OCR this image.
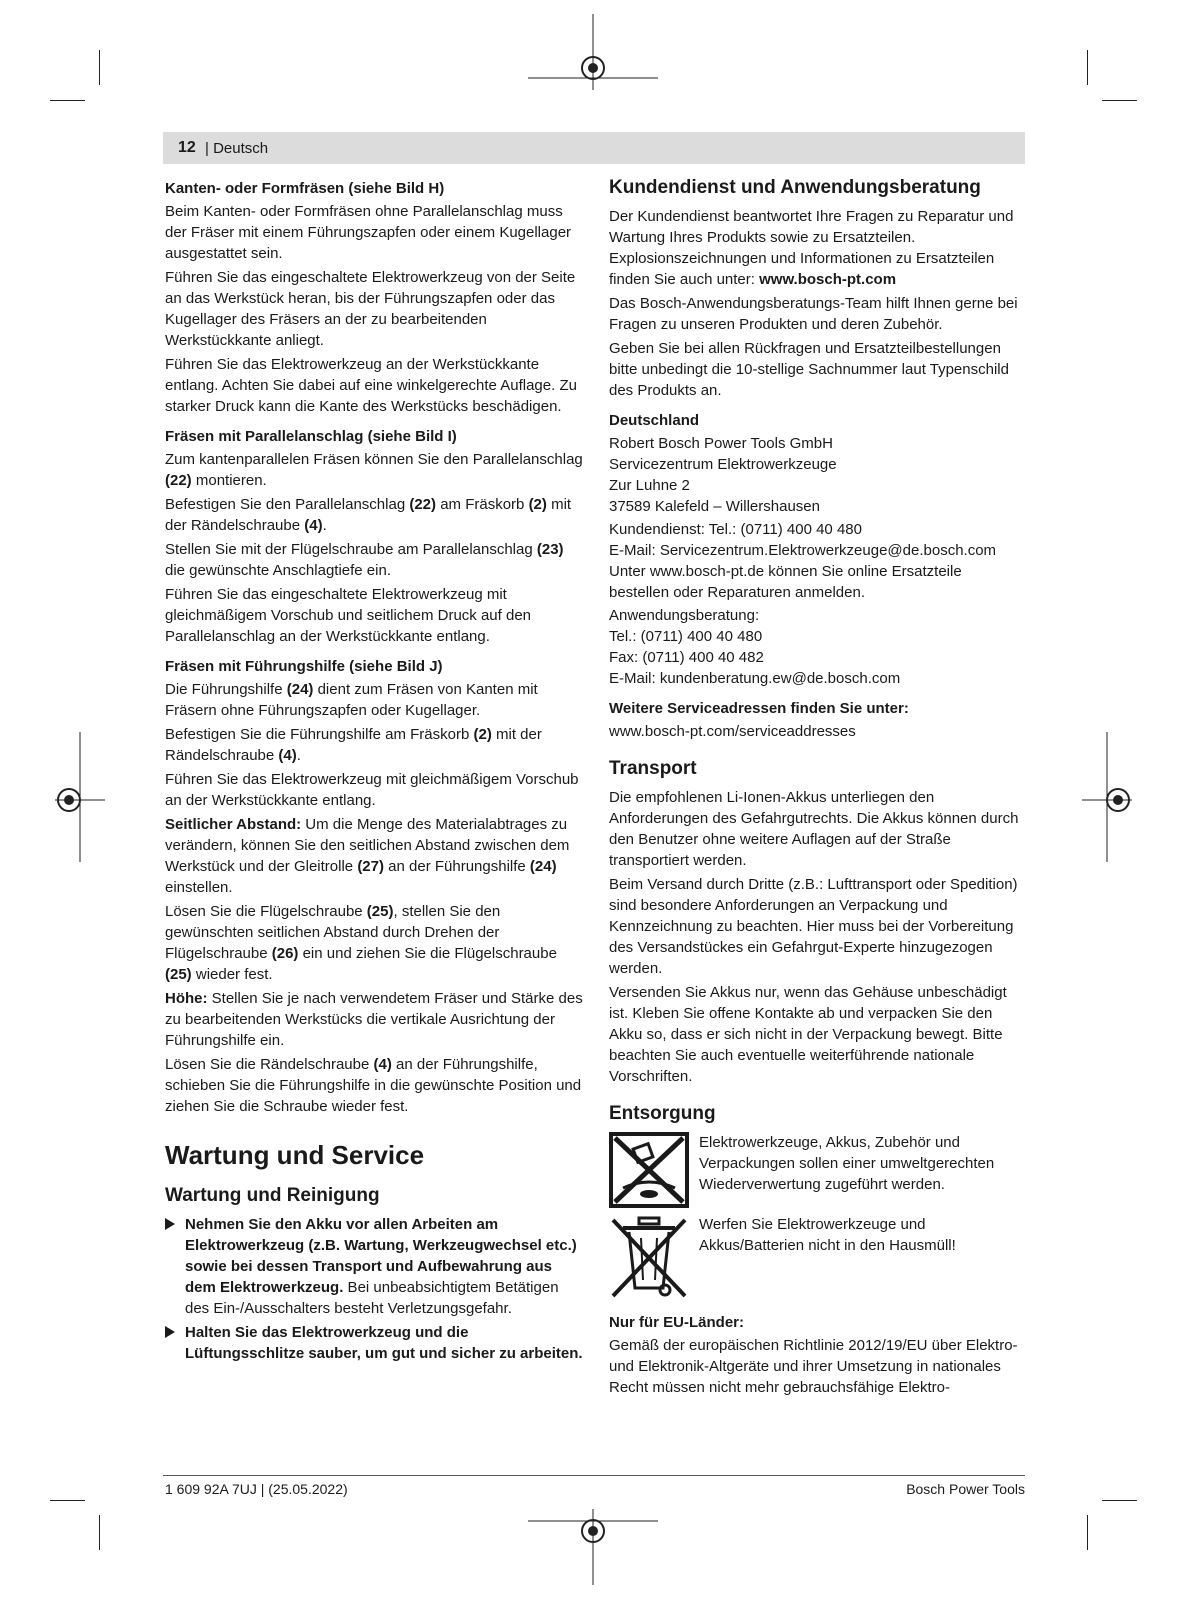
12 | Deutsch
Kanten- oder Formfräsen (siehe Bild H)

Beim Kanten- oder Formfräsen ohne Parallelanschlag muss der Fräser mit einem Führungszapfen oder einem Kugellager ausgestattet sein.

Führen Sie das eingeschaltete Elektrowerkzeug von der Seite an das Werkstück heran, bis der Führungszapfen oder das Kugellager des Fräsers an der zu bearbeitenden Werkstückkante anliegt.

Führen Sie das Elektrowerkzeug an der Werkstückkante entlang. Achten Sie dabei auf eine winkelgerechte Auflage. Zu starker Druck kann die Kante des Werkstücks beschädigen.

Fräsen mit Parallelanschlag (siehe Bild I)

Zum kantenparallelen Fräsen können Sie den Parallelanschlag (22) montieren.

Befestigen Sie den Parallelanschlag (22) am Fräskorb (2) mit der Rändelschraube (4).

Stellen Sie mit der Flügelschraube am Parallelanschlag (23) die gewünschte Anschlagtiefe ein.

Führen Sie das eingeschaltete Elektrowerkzeug mit gleichmäßigem Vorschub und seitlichem Druck auf den Parallelanschlag an der Werkstückkante entlang.

Fräsen mit Führungshilfe (siehe Bild J)

Die Führungshilfe (24) dient zum Fräsen von Kanten mit Fräsern ohne Führungszapfen oder Kugellager.

Befestigen Sie die Führungshilfe am Fräskorb (2) mit der Rändelschraube (4).

Führen Sie das Elektrowerkzeug mit gleichmäßigem Vorschub an der Werkstückkante entlang.

Seitlicher Abstand: Um die Menge des Materialabtrages zu verändern, können Sie den seitlichen Abstand zwischen dem Werkstück und der Gleitrolle (27) an der Führungshilfe (24) einstellen.

Lösen Sie die Flügelschraube (25), stellen Sie den gewünschten seitlichen Abstand durch Drehen der Flügelschraube (26) ein und ziehen Sie die Flügelschraube (25) wieder fest.

Höhe: Stellen Sie je nach verwendetem Fräser und Stärke des zu bearbeitenden Werkstücks die vertikale Ausrichtung der Führungshilfe ein.

Lösen Sie die Rändelschraube (4) an der Führungshilfe, schieben Sie die Führungshilfe in die gewünschte Position und ziehen Sie die Schraube wieder fest.

Wartung und Service
Wartung und Reinigung
Nehmen Sie den Akku vor allen Arbeiten am Elektrowerkzeug (z.B. Wartung, Werkzeugwechsel etc.) sowie bei dessen Transport und Aufbewahrung aus dem Elektrowerkzeug. Bei unbeabsichtigtem Betätigen des Ein-/Ausschalters besteht Verletzungsgefahr.
Halten Sie das Elektrowerkzeug und die Lüftungsschlitze sauber, um gut und sicher zu arbeiten.
Kundendienst und Anwendungsberatung

Der Kundendienst beantwortet Ihre Fragen zu Reparatur und Wartung Ihres Produkts sowie zu Ersatzteilen. Explosionszeichnungen und Informationen zu Ersatzteilen finden Sie auch unter: www.bosch-pt.com

Das Bosch-Anwendungsberatungs-Team hilft Ihnen gerne bei Fragen zu unseren Produkten und deren Zubehör.

Geben Sie bei allen Rückfragen und Ersatzteilbestellungen bitte unbedingt die 10-stellige Sachnummer laut Typenschild des Produkts an.

Deutschland
Robert Bosch Power Tools GmbH
Servicezentrum Elektrowerkzeuge
Zur Luhne 2
37589 Kalefeld – Willershausen
Kundendienst: Tel.: (0711) 400 40 480
E-Mail: Servicezentrum.Elektrowerkzeuge@de.bosch.com
Unter www.bosch-pt.de können Sie online Ersatzteile bestellen oder Reparaturen anmelden.
Anwendungsberatung:
Tel.: (0711) 400 40 480
Fax: (0711) 400 40 482
E-Mail: kundenberatung.ew@de.bosch.com
Weitere Serviceadressen finden Sie unter:
www.bosch-pt.com/serviceaddresses
Transport

Die empfohlenen Li-Ionen-Akkus unterliegen den Anforderungen des Gefahrgutrechts. Die Akkus können durch den Benutzer ohne weitere Auflagen auf der Straße transportiert werden.

Beim Versand durch Dritte (z.B.: Lufttransport oder Spedition) sind besondere Anforderungen an Verpackung und Kennzeichnung zu beachten. Hier muss bei der Vorbereitung des Versandstückes ein Gefahrgut-Experte hinzugezogen werden.

Versenden Sie Akkus nur, wenn das Gehäuse unbeschädigt ist. Kleben Sie offene Kontakte ab und verpacken Sie den Akku so, dass er sich nicht in der Verpackung bewegt. Bitte beachten Sie auch eventuelle weiterführende nationale Vorschriften.

Entsorgung
Elektrowerkzeuge, Akkus, Zubehör und Verpackungen sollen einer umweltgerechten Wiederverwertung zugeführt werden.
Werfen Sie Elektrowerkzeuge und Akkus/Batterien nicht in den Hausmüll!
Nur für EU-Länder:

Gemäß der europäischen Richtlinie 2012/19/EU über Elektro- und Elektronik-Altgeräte und ihrer Umsetzung in nationales Recht müssen nicht mehr gebrauchsfähige Elektro-

1 609 92A 7UJ | (25.05.2022)	Bosch Power Tools
